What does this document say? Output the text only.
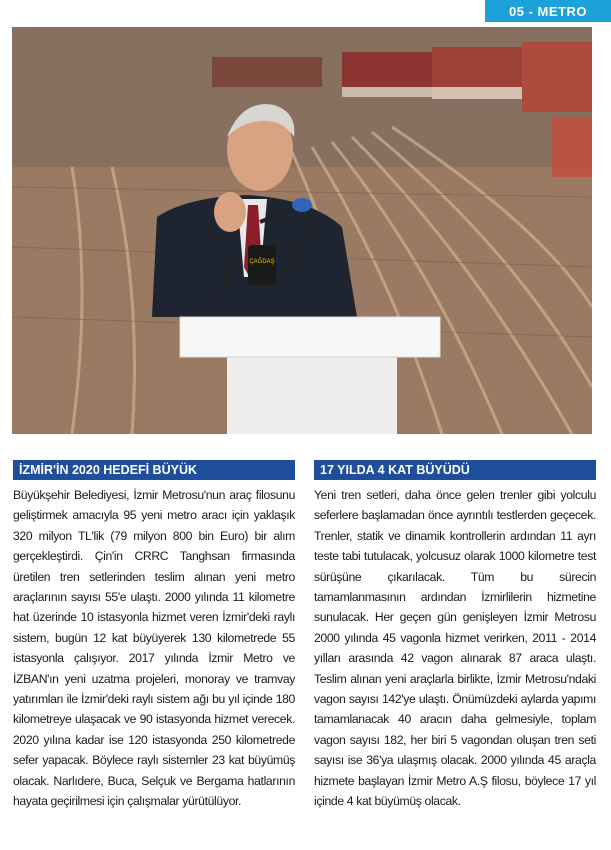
05 - METRO
ÇAĞDAŞ
İZMİR'İN 2020 HEDEFİ BÜYÜK

Büyükşehir Belediyesi, İzmir Metrosu'nun araç filosunu geliştirmek amacıyla 95 yeni metro aracı için yaklaşık 320 milyon TL'lik (79 milyon 800 bin Euro) bir alım gerçekleştirdi. Çin'in CRRC Tanghsan firmasında üretilen tren setlerinden teslim alınan yeni metro araçlarının sayısı 55'e ulaştı. 2000 yılında 11 kilometre hat üzerinde 10 istasyonla hizmet veren İzmir'deki raylı sistem, bugün 12 kat büyüyerek 130 kilometrede 55 istasyonla çalışıyor. 2017 yılında İzmir Metro ve İZBAN'ın yeni uzatma projeleri, monoray ve tramvay yatırımları ile İzmir'deki raylı sistem ağı bu yıl içinde 180 kilometreye ulaşacak ve 90 istasyonda hizmet verecek. 2020 yılına kadar ise 120 istasyonda 250 kilometrede sefer yapacak. Böylece raylı sistemler 23 kat büyümüş olacak. Narlıdere, Buca, Selçuk ve Bergama hatlarının hayata geçirilmesi için çalışmalar yürütülüyor.

17 YILDA 4 KAT BÜYÜDÜ

Yeni tren setleri, daha önce gelen trenler gibi yolculu seferlere başlamadan önce ayrıntılı testlerden geçecek. Trenler, statik ve dinamik kontrollerin ardından 11 ayrı teste tabi tutulacak, yolcusuz olarak 1000 kilometre test sürüşüne çıkarılacak. Tüm bu sürecin tamamlanmasının ardından İzmirlilerin hizmetine sunulacak. Her geçen gün genişleyen İzmir Metrosu 2000 yılında 45 vagonla hizmet verirken, 2011 - 2014 yılları arasında 42 vagon alınarak 87 araca ulaştı. Teslim alınan yeni araçlarla birlikte, İzmir Metrosu'ndaki vagon sayısı 142'ye ulaştı. Önümüzdeki aylarda yapımı tamamlanacak 40 aracın daha gelmesiyle, toplam vagon sayısı 182, her biri 5 vagondan oluşan tren seti sayısı ise 36'ya ulaşmış olacak. 2000 yılında 45 araçla hizmete başlayan İzmir Metro A.Ş filosu, böylece 17 yıl içinde 4 kat büyümüş olacak.
